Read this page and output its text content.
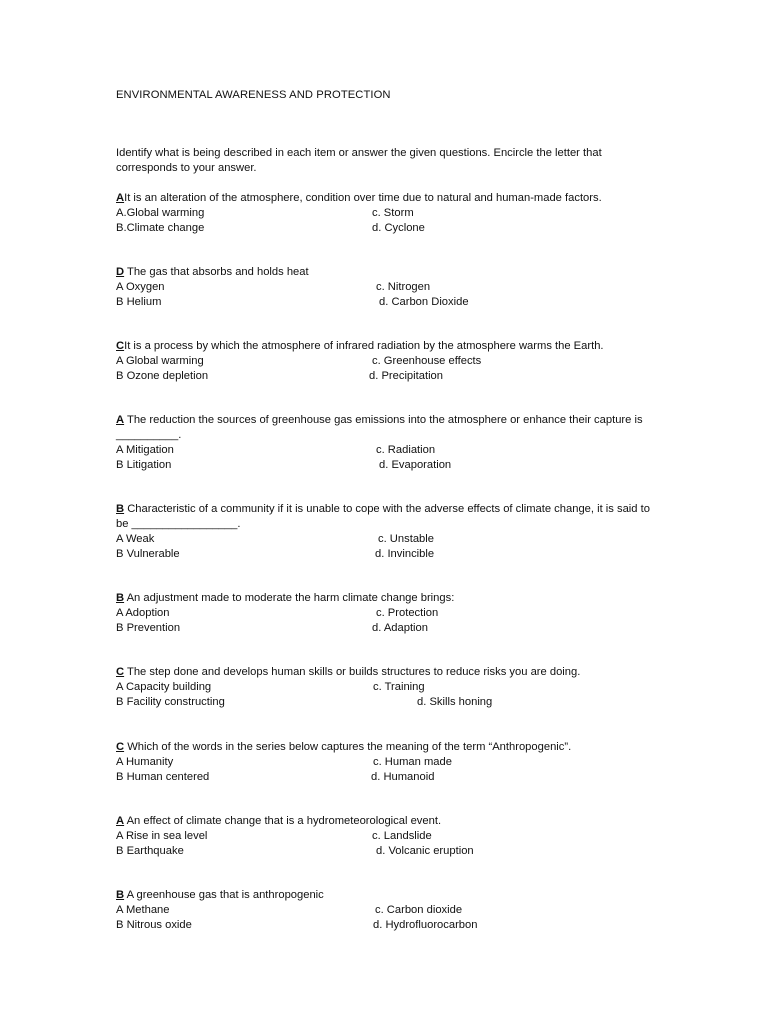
ENVIRONMENTAL AWARENESS AND PROTECTION
Identify what is being described in each item or answer the given questions. Encircle the letter that corresponds to your answer.
AIt is an alteration of the atmosphere, condition over time due to natural and human-made factors.
A.Global warming	c. Storm
B.Climate change	d. Cyclone
D The gas that absorbs and holds heat
A Oxygen	c. Nitrogen
B Helium	d. Carbon Dioxide
CIt is a process by which the atmosphere of infrared radiation by the atmosphere warms the Earth.
A Global warming	c. Greenhouse effects
B Ozone depletion	d. Precipitation
A The reduction the sources of greenhouse gas emissions into the atmosphere or enhance their capture is __________.
A Mitigation	c. Radiation
B Litigation	d. Evaporation
B Characteristic of a community if it is unable to cope with the adverse effects of climate change, it is said to be _________________.
A Weak	c. Unstable
B Vulnerable	d. Invincible
B An adjustment made to moderate the harm climate change brings:
A Adoption	c. Protection
B Prevention	d. Adaption
C The step done and develops human skills or builds structures to reduce risks you are doing.
A Capacity building	c. Training
B Facility constructing	d. Skills honing
C Which of the words in the series below captures the meaning of the term “Anthropogenic”.
A Humanity	c. Human made
B Human centered	d. Humanoid
A An effect of climate change that is a hydrometeorological event.
A Rise in sea level	c. Landslide
B Earthquake	d. Volcanic eruption
B A greenhouse gas that is anthropogenic
A Methane	c. Carbon dioxide
B Nitrous oxide	d. Hydrofluorocarbon
